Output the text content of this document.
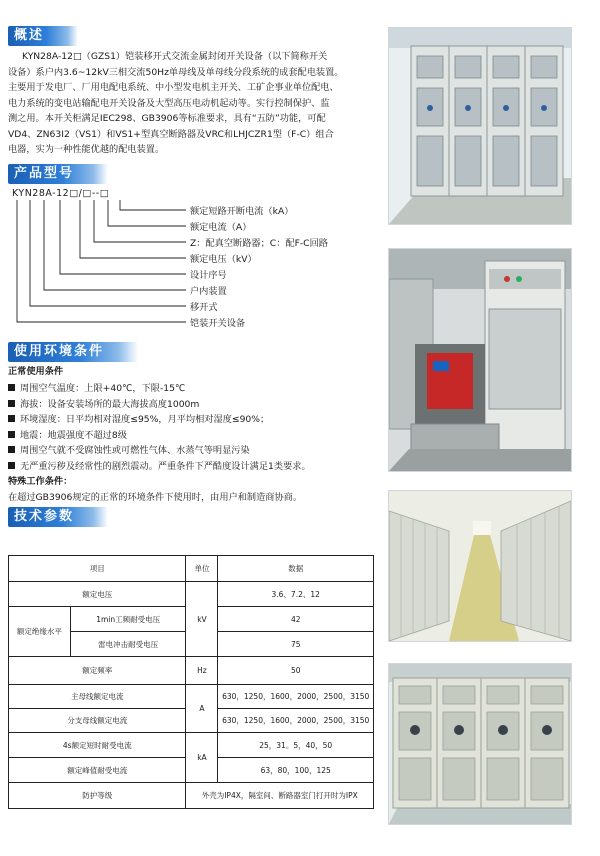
概述

KYN28A-12□（GZS1）铠装移开式交流金属封闭开关设备（以下简称开关

设备）系户内3.6~12kV三相交流50Hz单母线及单母线分段系统的成套配电装置。

主要用于发电厂、厂用电配电系统、中小型发电机主开关、工矿企事业单位配电、

电力系统的变电站输配电开关设备及大型高压电动机起动等。实行控制保护、监

测之用。本开关柜满足IEC298、GB3906等标准要求，具有“五防”功能，可配

VD4、ZN63I2（VS1）和VS1+型真空断路器及VRC和LHJCZR1型（F-C）组合

电器，实为一种性能优越的配电装置。

产品型号
KYN28A-12□/□--□
额定短路开断电流（kA）
额定电流（A）
Z：配真空断路器；C：配F-C回路
额定电压（kV）
设计序号
户内装置
移开式
铠装开关设备
使用环境条件

正常使用条件

周围空气温度：上限+40℃，下限-15℃
海拔：设备安装场所的最大海拔高度1000m
环境湿度：日平均相对湿度≤95%，月平均相对湿度≤90%；
地震：地震强度不超过8级
周围空气就不受腐蚀性或可燃性气体、水蒸气等明显污染
无严重污秽及经常性的剧烈震动。严重条件下严酷度设计满足1类要求。

特殊工作条件：

在超过GB3906规定的正常的环境条件下使用时，由用户和制造商协商。

技术参数
项目		单位	数据
额定电压		kV	3.6、7.2、12
额定绝缘水平	1min工频耐受电压		42
	雷电冲击耐受电压		75
额定频率		Hz	50
主母线额定电流		A	630，1250，1600，2000，2500，3150
分支母线额定电流			630，1250，1600，2000，2500，3150
4s额定短时耐受电流		kA	25，31。5，40，50
额定峰值耐受电流			63，80，100，125
防护等级		外壳为IP4X，隔室间、断路器室门打开时为IPX	
